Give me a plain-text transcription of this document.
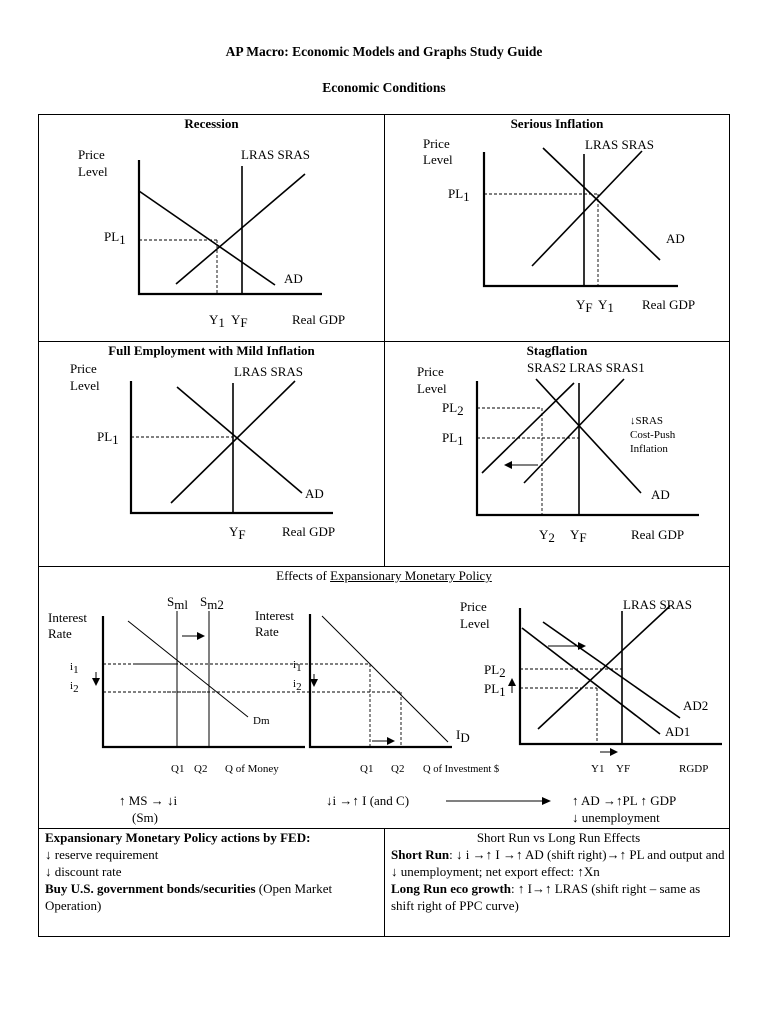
AP Macro: Economic Models and Graphs Study Guide
Economic Conditions
Recession
Price
Level
LRAS SRAS
PL1
AD
Y1 YF	Real GDP
Serious Inflation
Price
Level
LRAS SRAS
PL1
AD
YF Y1 Real GDP
Full Employment with Mild Inflation
Price
Level
LRAS SRAS
PL1
AD
YF	Real GDP
Stagflation
Price
Level
SRAS2 LRAS SRAS1
PL2
PL1
↓SRAS
Cost-Push
Inflation
AD
Y2 YF	Real GDP
Effects of Expansionary Monetary Policy
Interest
Rate
Sml Sm2
i1
i2
Dm
Q1 Q2 Q of Money
Interest
Rate
i1
i2
ID
Q1 Q2 Q of Investment $
Price
Level
LRAS SRAS
PL2
PL1
AD2
AD1
Y1 YF	RGDP
↑ MS → ↓i
(Sm)
↓i →↑ I (and C)	↑ AD →↑PL ↑ GDP
↓ unemployment
Expansionary Monetary Policy actions by FED:
↓ reserve requirement
↓ discount rate
Buy U.S. government bonds/securities (Open Market Operation)
Short Run vs Long Run Effects
Short Run: ↓ i →↑ I →↑ AD (shift right)→↑ PL and output and ↓ unemployment; net export effect: ↑Xn
Long Run eco growth: ↑ I→↑ LRAS (shift right – same as shift right of PPC curve)
